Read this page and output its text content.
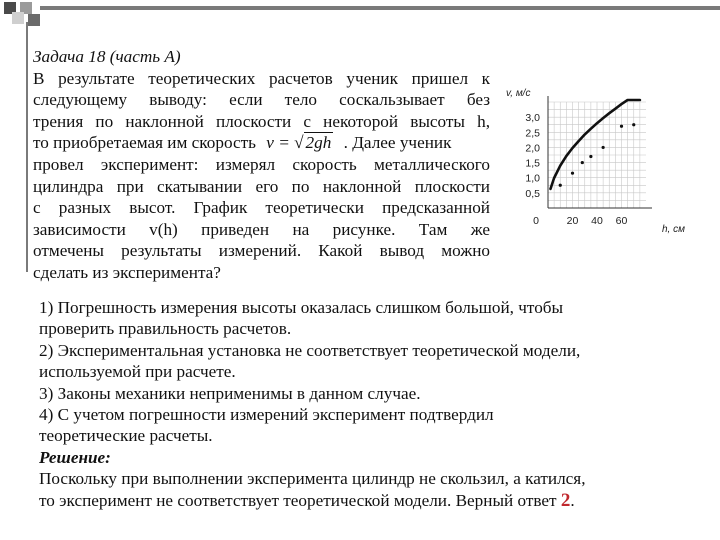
Задача 18 (часть А)
В результате теоретических расчетов ученик пришел к
следующему выводу: если тело соскальзывает без
трения по наклонной плоскости с некоторой высоты h,
то приобретаемая им скорость v = √ 2gh . Далее ученик
провел эксперимент: измерял скорость металлического
цилиндра при скатывании его по наклонной плоскости
с разных высот. График теоретически предсказанной
зависимости v(h) приведен на рисунке. Там же
отмечены результаты измерений. Какой вывод можно
сделать из эксперимента?
0,5
1,0
1,5
2,0
2,5
3,0
0	20 40 60
v, м/с
h, см
1) Погрешность измерения высоты оказалась слишком большой, чтобы
проверить правильность расчетов.
2) Экспериментальная установка не соответствует теоретической модели,
используемой при расчете.
3) Законы механики неприменимы в данном случае.
4) С учетом погрешности измерений эксперимент подтвердил
теоретические расчеты.
Решение:
Поскольку при выполнении эксперимента цилиндр не скользил, а катился,
то эксперимент не соответствует теоретической модели. Верный ответ 2.
